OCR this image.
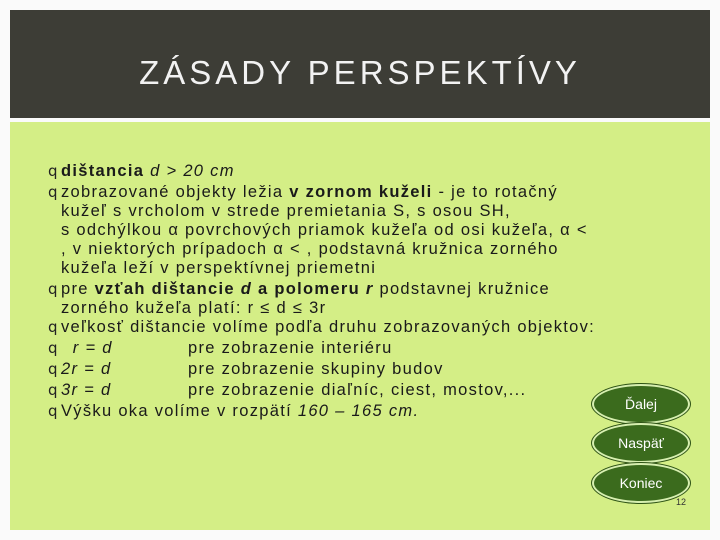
ZÁSADY PERSPEKTÍVY
q dištancia d > 20 cm
q zobrazované objekty ležia v zornom kuželi - je to rotačný
kužeľ s vrcholom v strede premietania S, s osou SH,
s odchýlkou α povrchových priamok kužeľa od osi kužeľa, α <
, v niektorých prípadoch α < , podstavná kružnica zorného
kužeľa leží v perspektívnej priemetni
q pre vzťah dištancie d a polomeru r podstavnej kružnice
zorného kužeľa platí: r ≤ d ≤ 3r
q veľkosť dištancie volíme podľa druhu zobrazovaných objektov:
q  r = d	pre zobrazenie interiéru
q 2r = d	pre zobrazenie skupiny budov
q 3r = d	pre zobrazenie diaľníc, ciest, mostov,...
q Výšku oka volíme v rozpätí 160 – 165 cm.	Ďalej
Naspäť
Koniec
12
